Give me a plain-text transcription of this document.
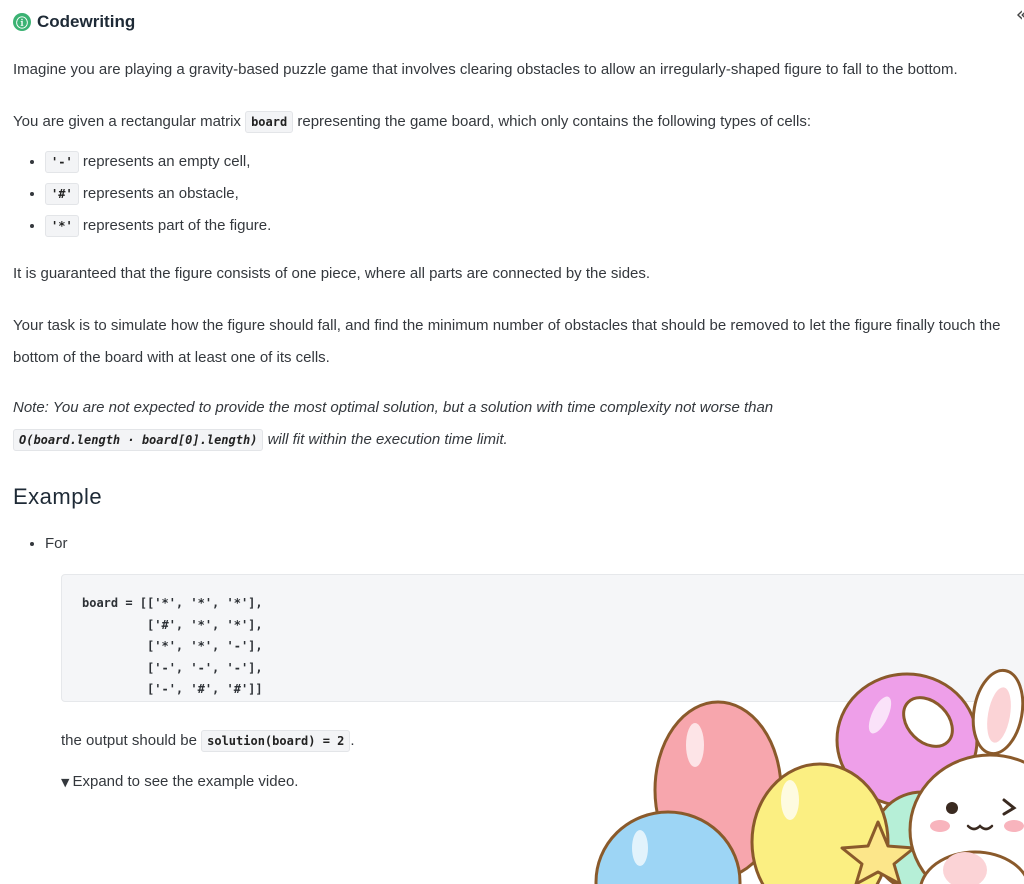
ⓘ Codewriting	«

Imagine you are playing a gravity-based puzzle game that involves clearing obstacles to allow an irregularly-shaped figure to fall to the bottom.

You are given a rectangular matrix board representing the game board, which only contains the following types of cells:

• '-' represents an empty cell,
• '#' represents an obstacle,
• '*' represents part of the figure.

It is guaranteed that the figure consists of one piece, where all parts are connected by the sides.

Your task is to simulate how the figure should fall, and find the minimum number of obstacles that should be removed to let the figure finally touch the bottom of the board with at least one of its cells.

Note: You are not expected to provide the most optimal solution, but a solution with time complexity not worse than
O(board.length · board[0].length) will fit within the execution time limit.

Example
• For
board = [['*', '*', '*'],
['#', '*', '*'],
['*', '*', '-'],
['-', '-', '-'],
['-', '#', '#']]
the output should be solution(board) = 2 .
▼ Expand to see the example video.
